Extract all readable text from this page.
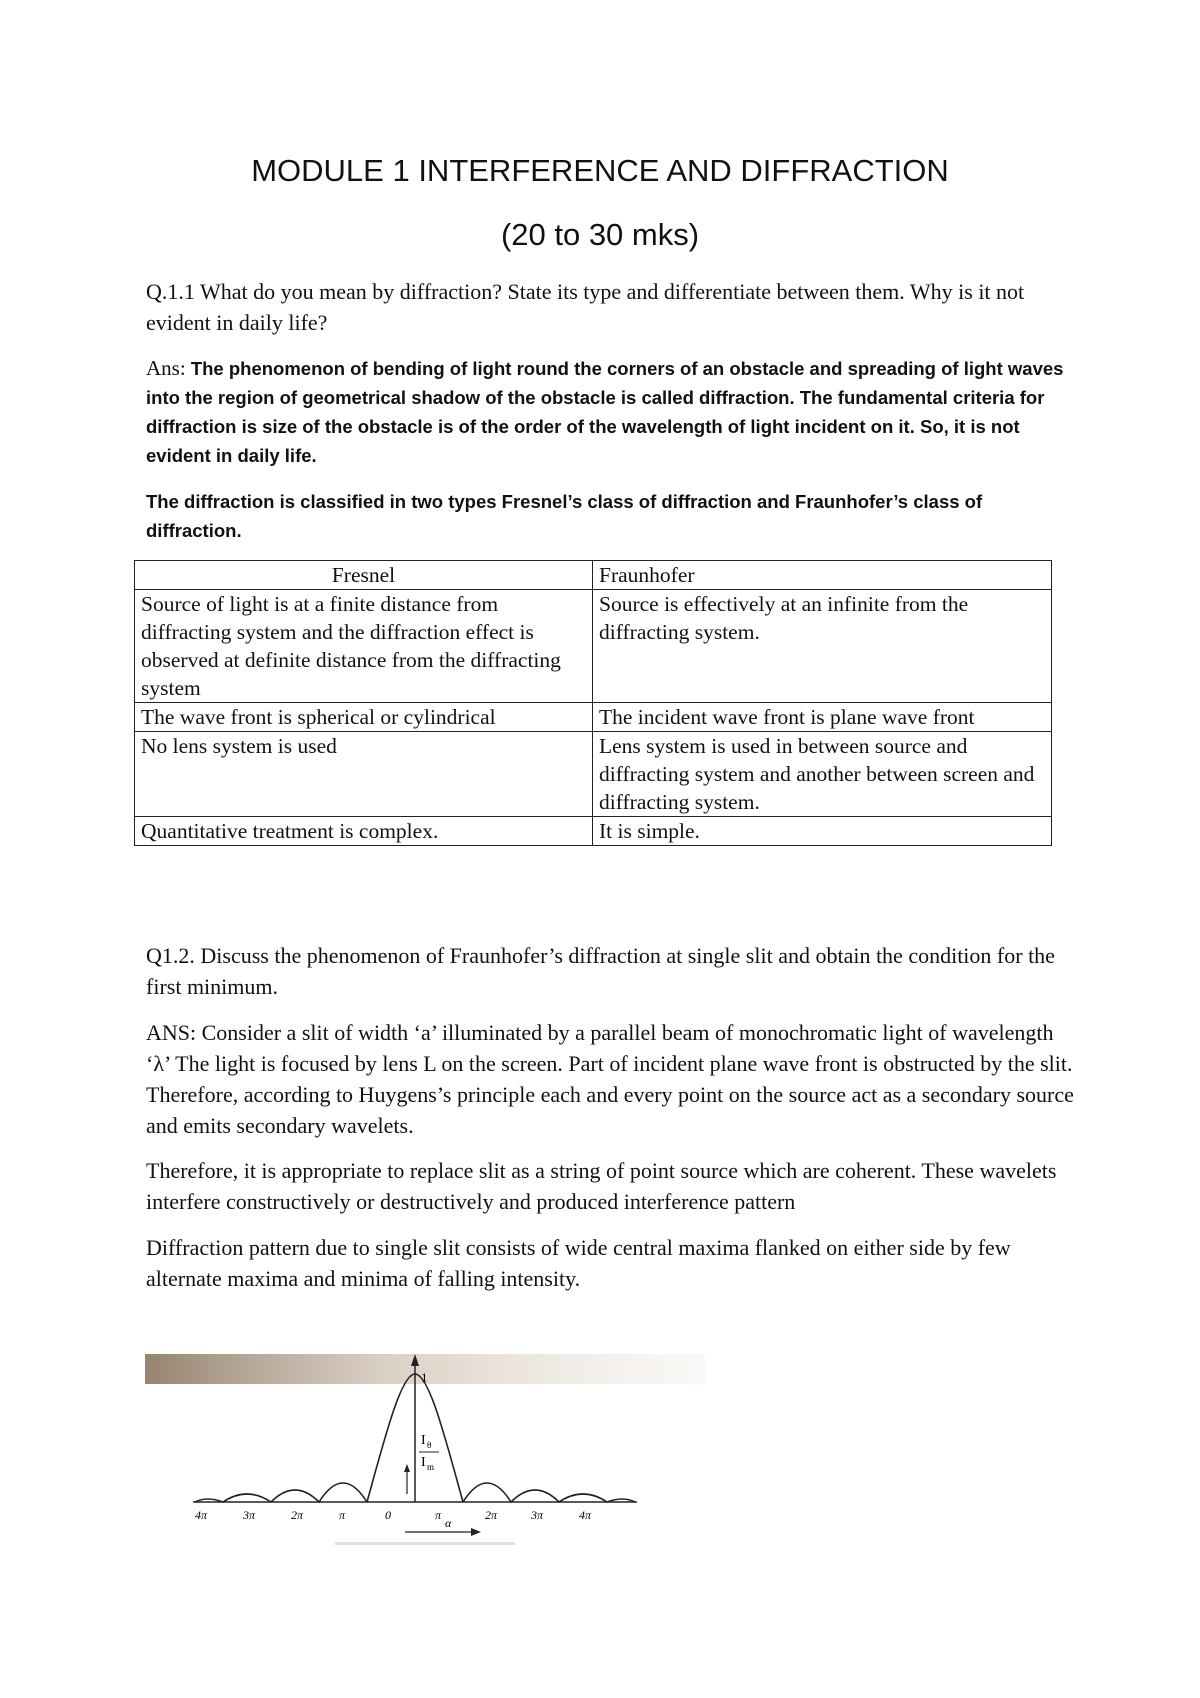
MODULE 1 INTERFERENCE AND DIFFRACTION
(20 to 30 mks)
Q.1.1 What do you mean by diffraction? State its type and differentiate between them. Why is it not evident in daily life?
Ans: The phenomenon of bending of light round the corners of an obstacle and spreading of light waves into the region of geometrical shadow of the obstacle is called diffraction. The fundamental criteria for diffraction is size of the obstacle is of the order of the wavelength of light incident on it. So, it is not evident in daily life.
The diffraction is classified in two types Fresnel’s class of diffraction and Fraunhofer’s class of diffraction.
Fresnel	Fraunhofer
Source of light is at a finite distance from diffracting system and the diffraction effect is observed at definite distance from the diffracting system	Source is effectively at an infinite from the diffracting system.
The wave front is spherical or cylindrical	The incident wave front is plane wave front
No lens system is used	Lens system is used in between source and diffracting system and another between screen and diffracting system.
Quantitative treatment is complex.	It is simple.
Q1.2. Discuss the phenomenon of Fraunhofer’s diffraction at single slit and obtain the condition for the first minimum.
ANS: Consider a slit of width ‘a’ illuminated by a parallel beam of monochromatic light of wavelength ‘λ’ The light is focused by lens L on the screen. Part of incident plane wave front is obstructed by the slit. Therefore, according to Huygens’s principle each and every point on the source act as a secondary source and emits secondary wavelets.
Therefore, it is appropriate to replace slit as a string of point source which are coherent. These wavelets interfere constructively or destructively and produced interference pattern
Diffraction pattern due to single slit consists of wide central maxima flanked on either side by few alternate maxima and minima of falling intensity.
1
I θ
I m
4π	3π	2π	π	0	π	2π	3π	4π
α
